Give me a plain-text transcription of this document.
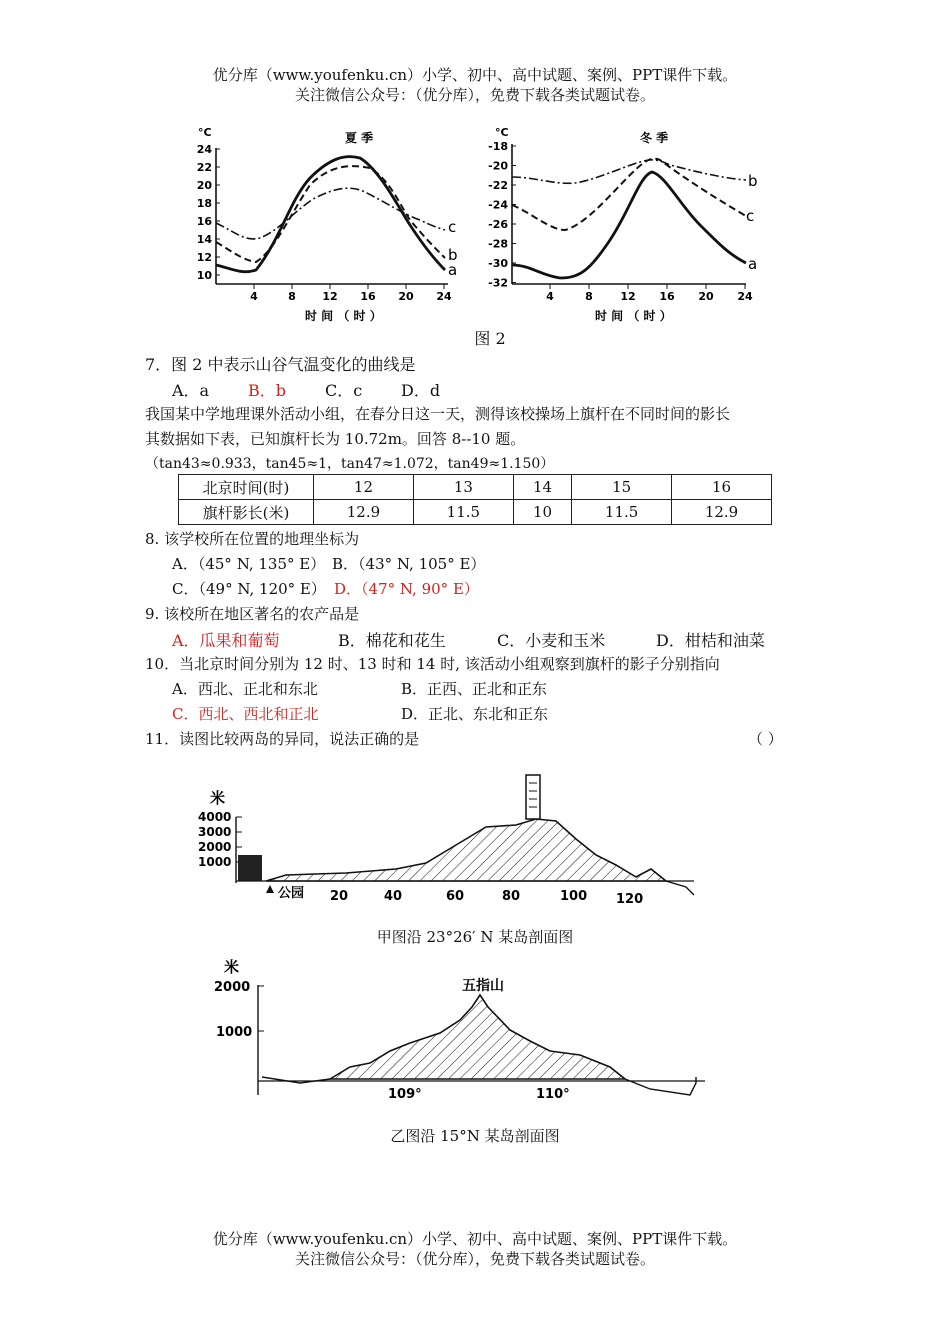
优分库（www.youfenku.cn）小学、初中、高中试题、案例、PPT课件下载。
关注微信公众号：（优分库），免费下载各类试题试卷。
°C	夏 季
24
22
20
18
16
14
12
10
4	8 12 16 20 24
时 间 （ 时 ）
c
b
a
°C	冬 季
-18
-20
-22
-24
-26
-28
-30
-32
4	8	12 16 20 24
时 间 （ 时 ）
b
c
a
图 2
7．图 2 中表示山谷气温变化的曲线是
A．a B．b C．c D．d
我国某中学地理课外活动小组，在春分日这一天，测得该校操场上旗杆在不同时间的影长
其数据如下表，已知旗杆长为 10.72m。回答 8--10 题。
（tan43≈0.933，tan45≈1，tan47≈1.072，tan49≈1.150）
北京时间(时)	12	13	14	15	16
旗杆影长(米)	12.9	11.5	10	11.5	12.9
8. 该学校所在位置的地理坐标为
A．（45° N, 135° E） B．（43° N, 105° E）
C．（49° N, 120° E） D．（47° N, 90° E）
9. 该校所在地区著名的农产品是
A．瓜果和葡萄	B．棉花和花生	C．小麦和玉米	D．柑桔和油菜
10．当北京时间分别为 12 时、13 时和 14 时, 该活动小组观察到旗杆的影子分别指向
A．西北、正北和东北	B．正西、正北和正东
C．西北、西北和正北	D．正北、东北和正东
11．读图比较两岛的异同，说法正确的是	（ ）
米
4000
3000
2000
1000
公园 20	40	60	80	100 120
甲图沿 23°26′ N 某岛剖面图
米
2000
1000
五指山
109°	110°
乙图沿 15°N 某岛剖面图
优分库（www.youfenku.cn）小学、初中、高中试题、案例、PPT课件下载。
关注微信公众号：（优分库），免费下载各类试题试卷。
